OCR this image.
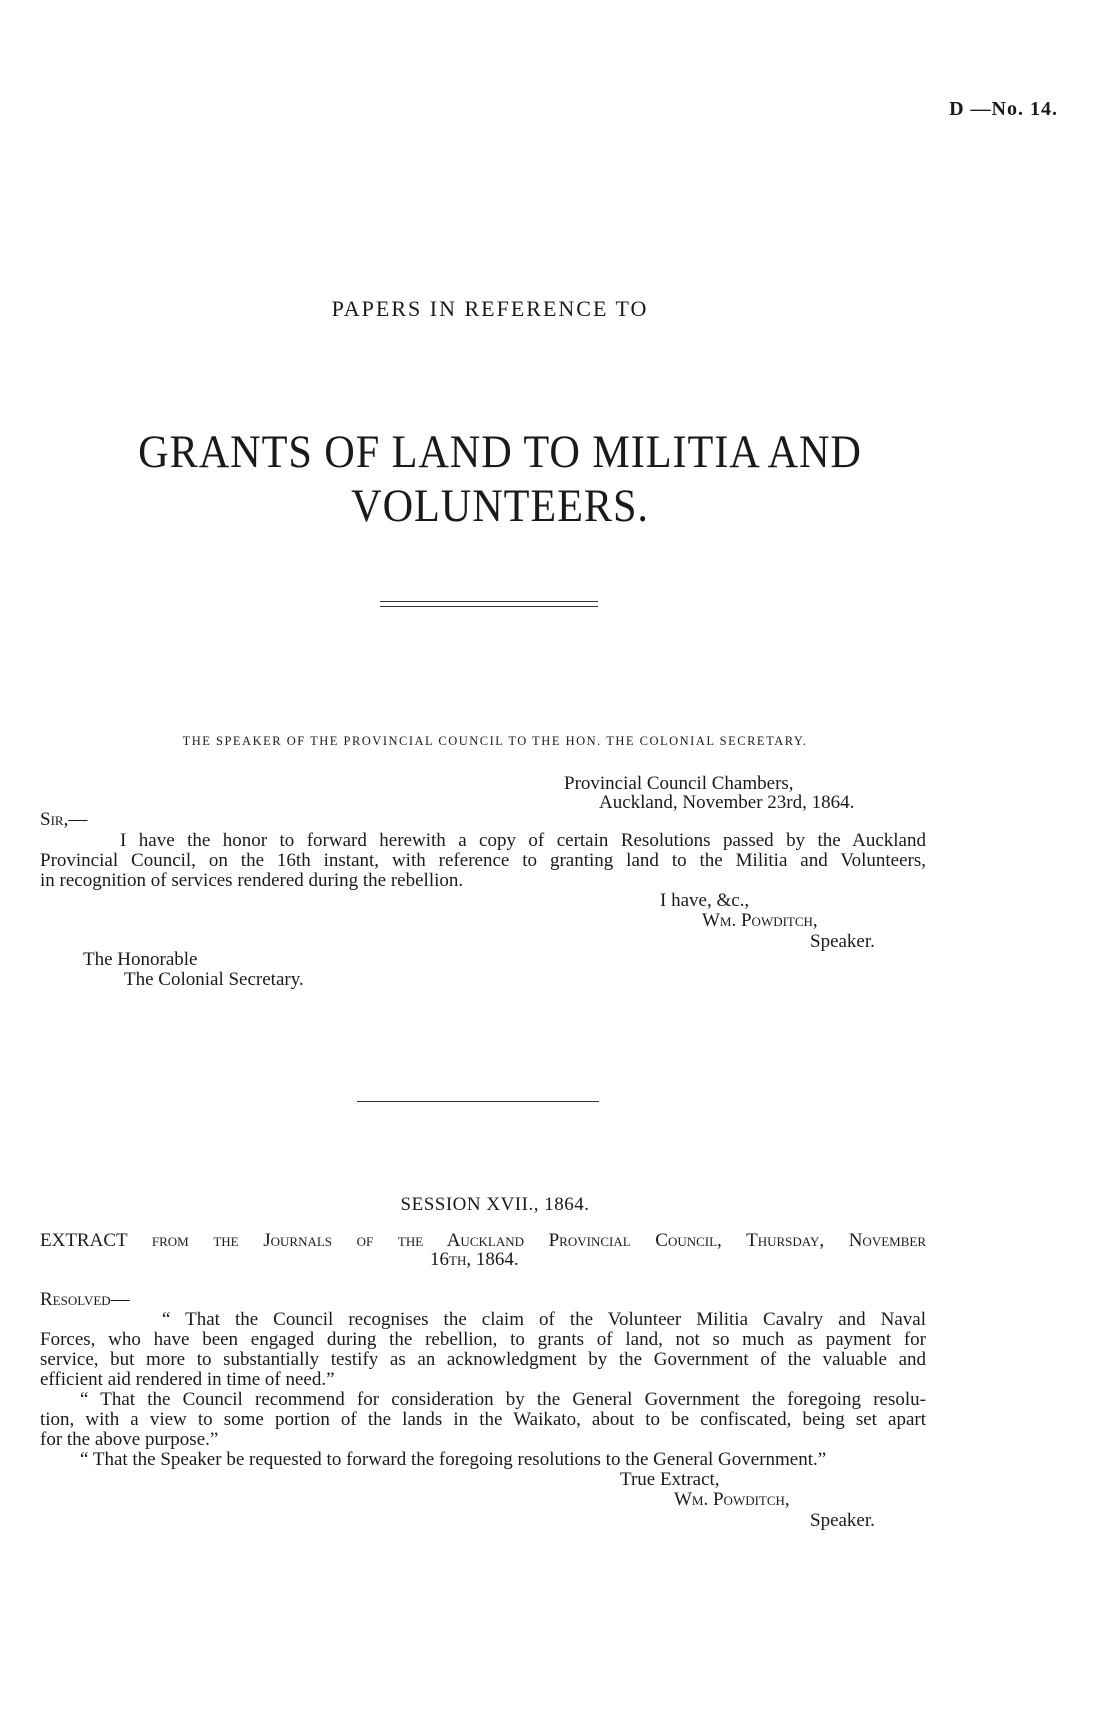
D —No. 14.
PAPERS IN REFERENCE TO
GRANTS OF LAND TO MILITIA AND VOLUNTEERS.
THE SPEAKER OF THE PROVINCIAL COUNCIL TO THE HON. THE COLONIAL SECRETARY.
Provincial Council Chambers,
Auckland, November 23rd, 1864.
Sir,—
I have the honor to forward herewith a copy of certain Resolutions passed by the Auckland
Provincial Council, on the 16th instant, with reference to granting land to the Militia and Volunteers,
in recognition of services rendered during the rebellion.
I have, &c.,
Wm. Powditch,
Speaker.
The Honorable
The Colonial Secretary.
SESSION XVII., 1864.
EXTRACT from the Journals of the Auckland Provincial Council, Thursday, November
16th, 1864.
Resolved—
“ That the Council recognises the claim of the Volunteer Militia Cavalry and Naval
Forces, who have been engaged during the rebellion, to grants of land, not so much as payment for
service, but more to substantially testify as an acknowledgment by the Government of the valuable and
efficient aid rendered in time of need.”
“ That the Council recommend for consideration by the General Government the foregoing resolu-
tion, with a view to some portion of the lands in the Waikato, about to be confiscated, being set apart
for the above purpose.”
“ That the Speaker be requested to forward the foregoing resolutions to the General Government.”
True Extract,
Wm. Powditch,
Speaker.
